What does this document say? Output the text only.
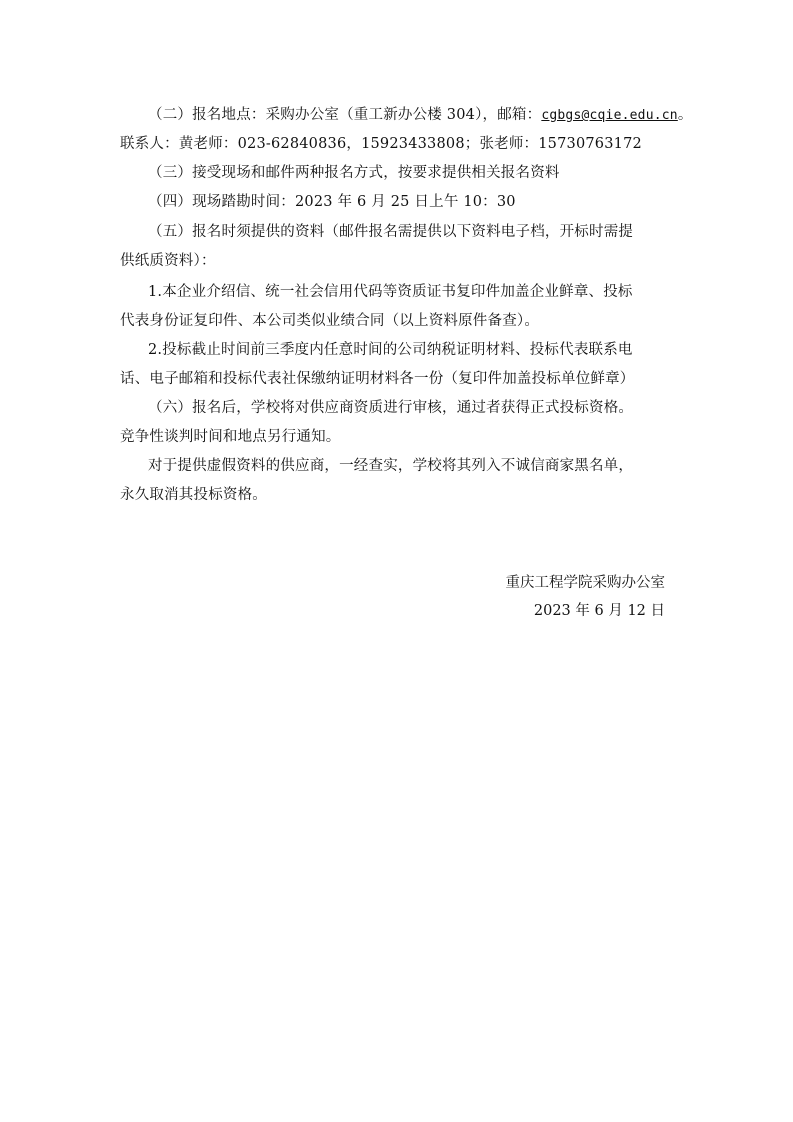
（二）报名地点：采购办公室（重工新办公楼 304），邮箱：cgbgs@cqie.edu.cn。
联系人：黄老师：023-62840836，15923433808；张老师：15730763172
（三）接受现场和邮件两种报名方式，按要求提供相关报名资料
（四）现场踏勘时间：2023 年 6 月 25 日上午 10：30
（五）报名时须提供的资料（邮件报名需提供以下资料电子档，开标时需提
供纸质资料）：
1.本企业介绍信、统一社会信用代码等资质证书复印件加盖企业鲜章、投标
代表身份证复印件、本公司类似业绩合同（以上资料原件备查）。
2.投标截止时间前三季度内任意时间的公司纳税证明材料、投标代表联系电
话、电子邮箱和投标代表社保缴纳证明材料各一份（复印件加盖投标单位鲜章）
（六）报名后，学校将对供应商资质进行审核，通过者获得正式投标资格。
竞争性谈判时间和地点另行通知。
对于提供虚假资料的供应商，一经查实，学校将其列入不诚信商家黑名单，
永久取消其投标资格。
重庆工程学院采购办公室
2023 年 6 月 12 日
